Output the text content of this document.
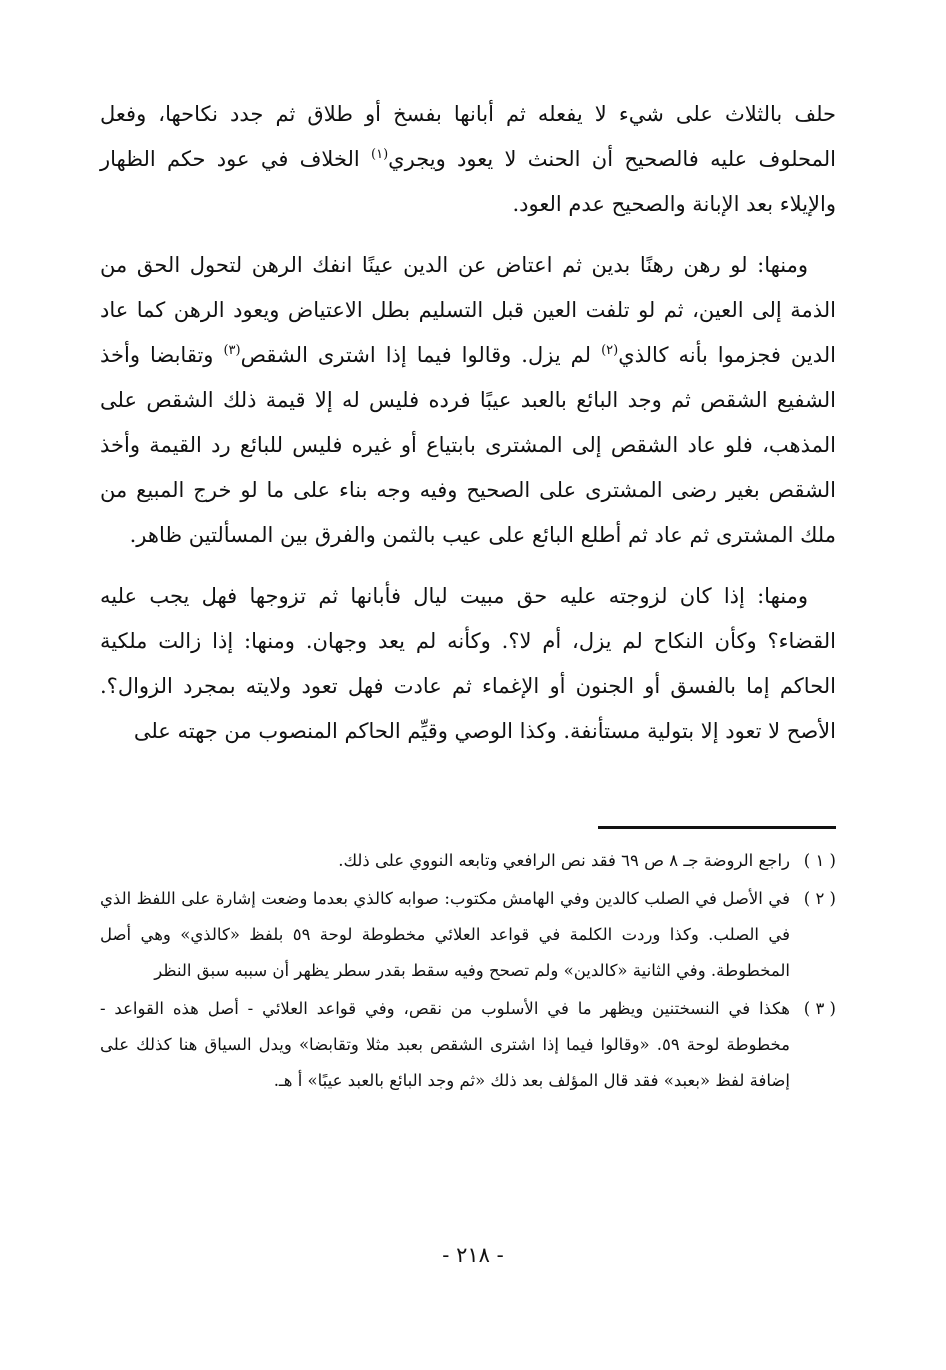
حلف بالثلاث على شيء لا يفعله ثم أبانها بفسخ أو طلاق ثم جدد نكاحها، وفعل المحلوف عليه فالصحيح أن الحنث لا يعود ويجري$^{(١)}$ الخلاف في عود حكم الظهار والإيلاء بعد الإبانة والصحيح عدم العود.

ومنها: لو رهن رهنًا بدين ثم اعتاض عن الدين عينًا انفك الرهن لتحول الحق من الذمة إلى العين، ثم لو تلفت العين قبل التسليم بطل الاعتياض ويعود الرهن كما عاد الدين فجزموا بأنه كالذي$^{(٢)}$ لم يزل. وقالوا فيما إذا اشترى الشقص$^{(٣)}$ وتقابضا وأخذ الشفيع الشقص ثم وجد البائع بالعبد عيبًا فرده فليس له إلا قيمة ذلك الشقص على المذهب، فلو عاد الشقص إلى المشترى بابتياع أو غيره فليس للبائع رد القيمة وأخذ الشقص بغير رضى المشترى على الصحيح وفيه وجه بناء على ما لو خرج المبيع من ملك المشترى ثم عاد ثم أطلع البائع على عيب بالثمن والفرق بين المسألتين ظاهر.

ومنها: إذا كان لزوجته عليه حق مبيت ليال فأبانها ثم تزوجها فهل يجب عليه القضاء؟ وكأن النكاح لم يزل، أم لا؟. وكأنه لم يعد وجهان. ومنها: إذا زالت ملكية الحاكم إما بالفسق أو الجنون أو الإغماء ثم عادت فهل تعود ولايته بمجرد الزوال؟. الأصح لا تعود إلا بتولية مستأنفة. وكذا الوصي وقيِّم الحاكم المنصوب من جهته على

( ١ )
راجع الروضة جـ ٨ ص ٦٩ فقد نص الرافعي وتابعه النووي على ذلك.
( ٢ )
في الأصل في الصلب كالدين وفي الهامش مكتوب: صوابه كالذي بعدما وضعت إشارة على اللفظ الذي في الصلب. وكذا وردت الكلمة في قواعد العلائي مخطوطة لوحة ٥٩ بلفظ «كالذي» وهي أصل المخطوطة. وفي الثانية «كالدين» ولم تصحح وفيه سقط بقدر سطر يظهر أن سببه سبق النظر
( ٣ )
هكذا في النسختنين ويظهر ما في الأسلوب من نقص، وفي قواعد العلائي - أصل هذه القواعد - مخطوطة لوحة ٥٩. «وقالوا فيما إذا اشترى الشقص بعبد مثلا وتقابضا» ويدل السياق هنا كذلك على إضافة لفظ «بعبد» فقد قال المؤلف بعد ذلك «ثم وجد البائع بالعبد عيبًا» أ هـ.
- ٢١٨ -
